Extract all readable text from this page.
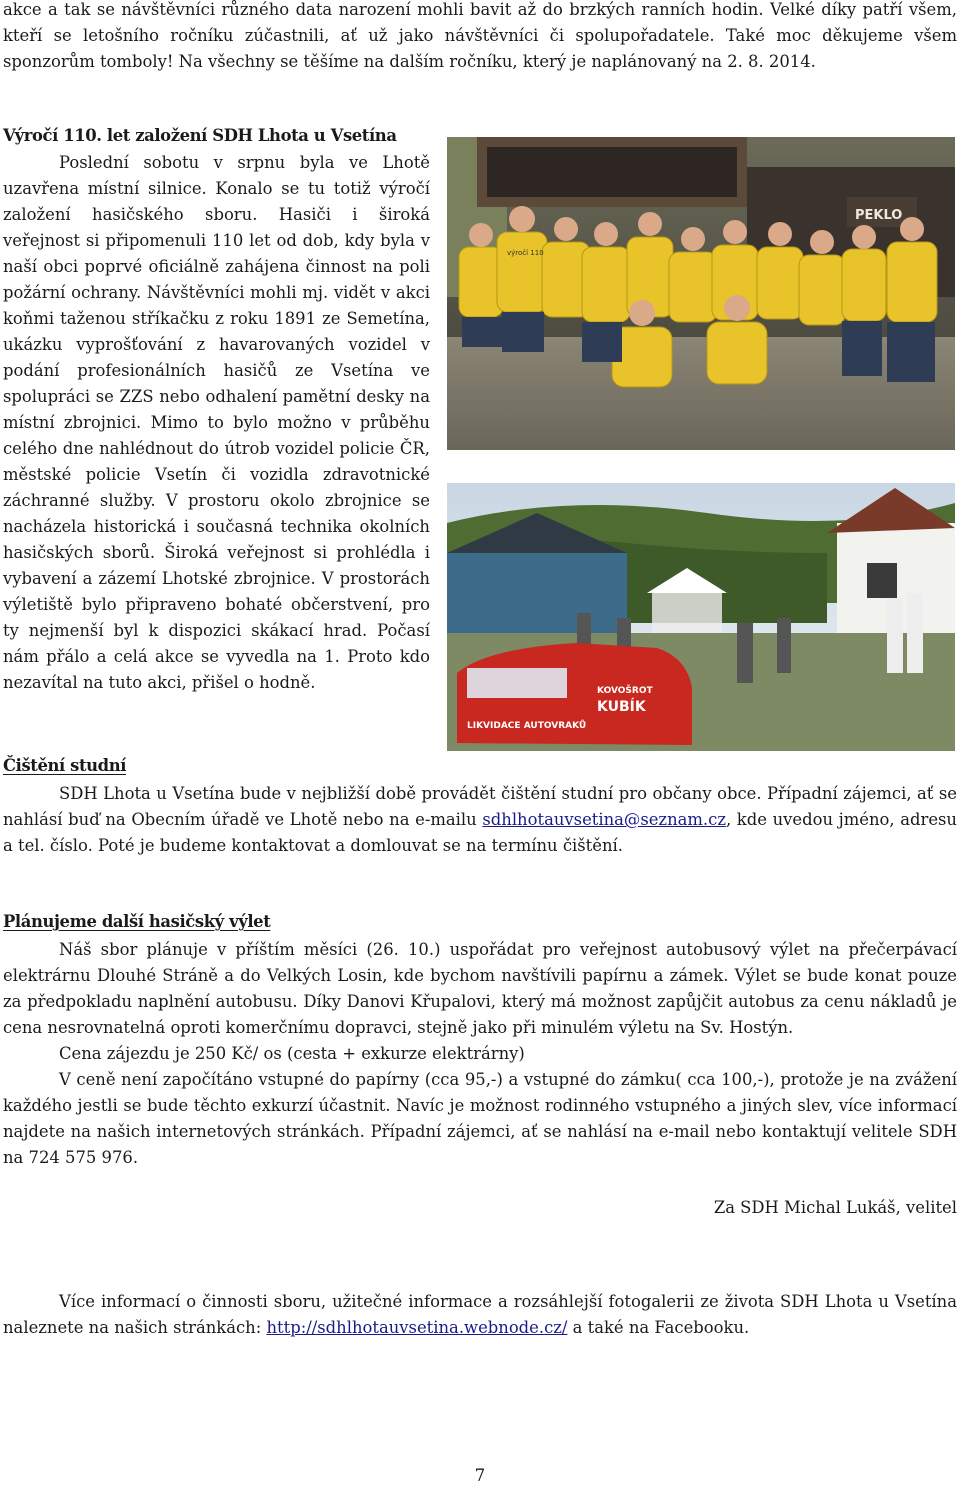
akce a tak se návštěvníci různého data narození mohli bavit až do brzkých ranních hodin. Velké díky patří všem, kteří se letošního ročníku zúčastnili, ať už jako návštěvníci či spolupořadatele. Také moc děkujeme všem sponzorům tomboly! Na všechny se těšíme na dalším ročníku, který je naplánovaný na 2. 8. 2014.

Výročí 110. let založení SDH Lhota u Vsetína

Poslední sobotu v srpnu byla ve Lhotě uzavřena místní silnice. Konalo se tu totiž výročí založení hasičského sboru. Hasiči i široká veřejnost si připomenuli 110 let od dob, kdy byla v naší obci poprvé oficiálně zahájena činnost na poli požární ochrany. Návštěvníci mohli mj. vidět v akci koňmi taženou stříkačku z roku 1891 ze Semetína, ukázku vyprošťování z havarovaných vozidel v podání profesionálních hasičů ze Vsetína ve spolupráci se ZZS nebo odhalení pamětní desky na místní zbrojnici. Mimo to bylo možno v průběhu celého dne nahlédnout do útrob vozidel policie ČR, městské policie Vsetín či vozidla zdravotnické záchranné služby. V prostoru okolo zbrojnice se nacházela historická i současná technika okolních hasičských sborů. Široká veřejnost si prohlédla i vybavení a zázemí Lhotské zbrojnice. V prostorách výletiště bylo připraveno bohaté občerstvení, pro ty nejmenší byl k dispozici skákací hrad. Počasí nám přálo a celá akce se vyvedla na 1. Proto kdo nezavítal na tuto akci, přišel o hodně.

PEKLO
výročí 110
KOVOŠROT
KUBÍK
LIKVIDACE AUTOVRAKŮ
Čištění studní

SDH Lhota u Vsetína bude v nejbližší době provádět čištění studní pro občany obce. Případní zájemci, ať se nahlásí buď na Obecním úřadě ve Lhotě nebo na e-mailu sdhlhotauvsetina@seznam.cz, kde uvedou jméno, adresu a tel. číslo. Poté je budeme kontaktovat a domlouvat se na termínu čištění.

Plánujeme další hasičský výlet

Náš sbor plánuje v příštím měsíci (26. 10.) uspořádat pro veřejnost autobusový výlet na přečerpávací elektrárnu Dlouhé Stráně a do Velkých Losin, kde bychom navštívili papírnu a zámek. Výlet se bude konat pouze za předpokladu naplnění autobusu. Díky Danovi Křupalovi, který má možnost zapůjčit autobus za cenu nákladů je cena nesrovnatelná oproti komerčnímu dopravci, stejně jako při minulém výletu na Sv. Hostýn.

Cena zájezdu je 250 Kč/ os (cesta + exkurze elektrárny)

V ceně není započítáno vstupné do papírny (cca 95,-) a vstupné do zámku( cca 100,-), protože je na zvážení každého jestli se bude těchto exkurzí účastnit. Navíc je možnost rodinného vstupného a jiných slev, více informací najdete na našich internetových stránkách. Případní zájemci, ať se nahlásí na e-mail nebo kontaktují velitele SDH na 724 575 976.

Za SDH Michal Lukáš, velitel

Více informací o činnosti sboru, užitečné informace a rozsáhlejší fotogalerii ze života SDH Lhota u Vsetína naleznete na našich stránkách: http://sdhlhotauvsetina.webnode.cz/ a také na Facebooku.

7
